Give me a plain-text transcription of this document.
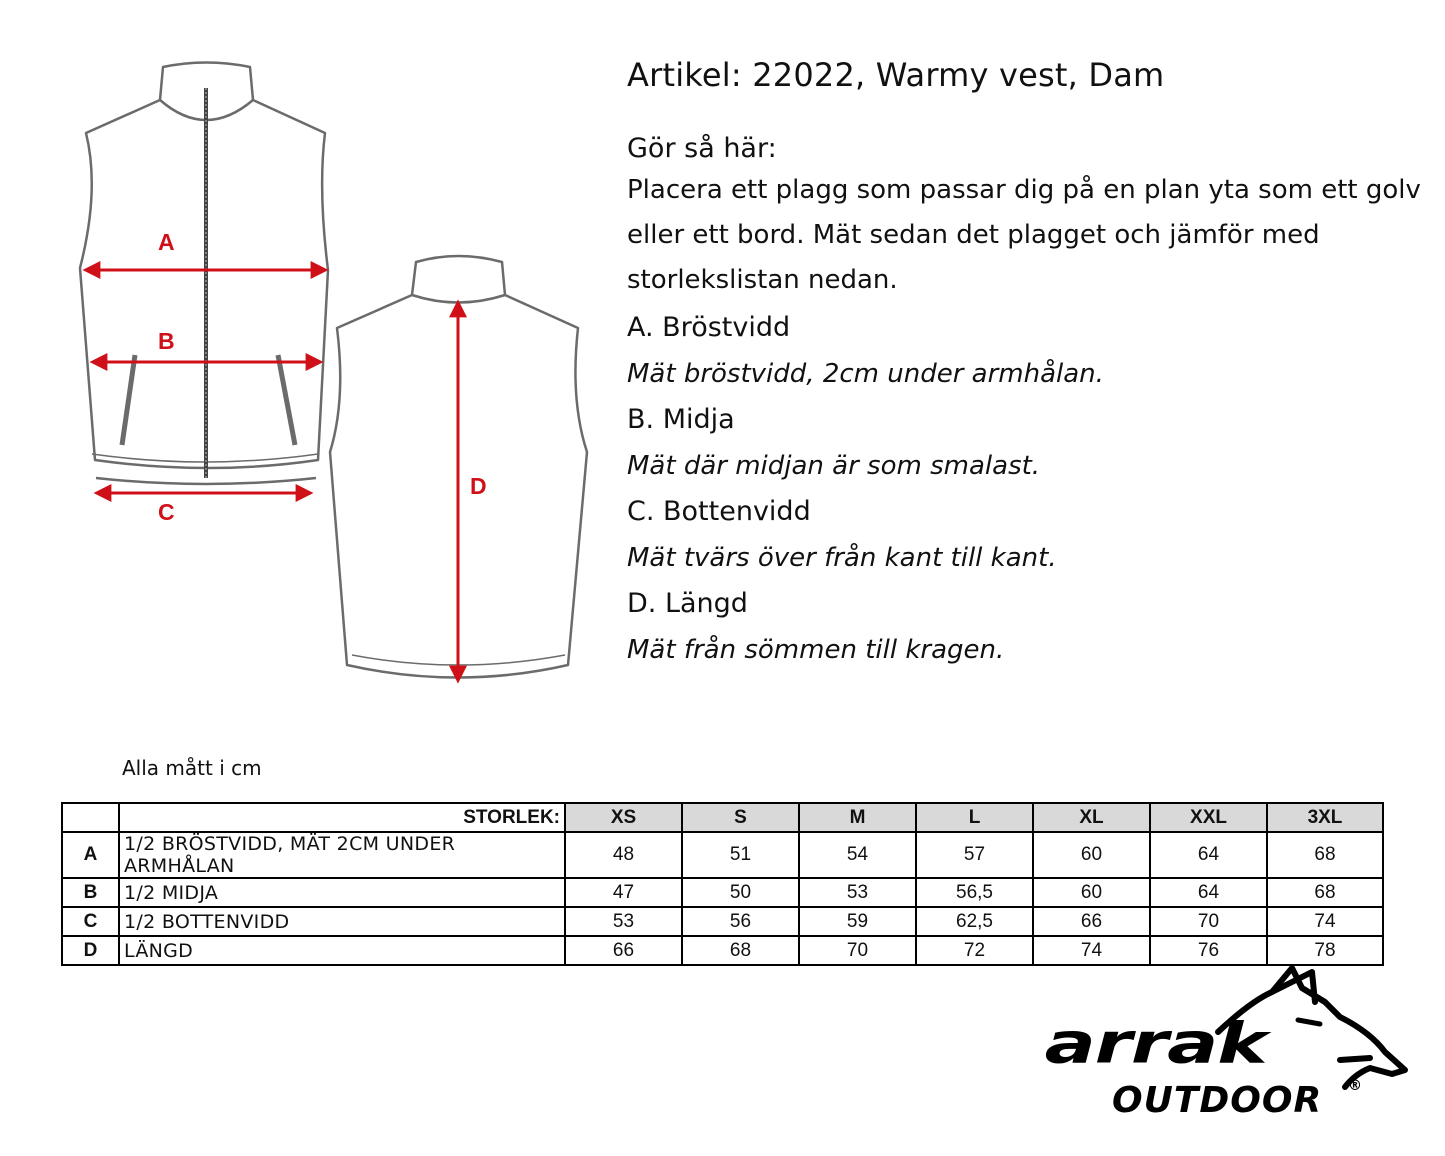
A
B
C
D
Artikel: 22022, Warmy vest, Dam
Gör så här:
Placera ett plagg som passar dig på en plan yta som ett golv eller ett bord. Mät sedan det plagget och jämför med storlekslistan nedan.
A. Bröstvidd
Mät bröstvidd, 2cm under armhålan.
B. Midja
Mät där midjan är som smalast.
C. Bottenvidd
Mät tvärs över från kant till kant.
D. Längd
Mät från sömmen till kragen.
Alla mått i cm
	STORLEK:	XS	S	M	L	XL	XXL	3XL
A	1/2 BRÖSTVIDD, MÄT 2CM UNDER ARMHÅLAN	48	51	54	57	60	64	68
B	1/2 MIDJA	47	50	53	56,5	60	64	68
C	1/2 BOTTENVIDD	53	56	59	62,5	66	70	74
D	LÄNGD	66	68	70	72	74	76	78
arrak
OUTDOOR ®
